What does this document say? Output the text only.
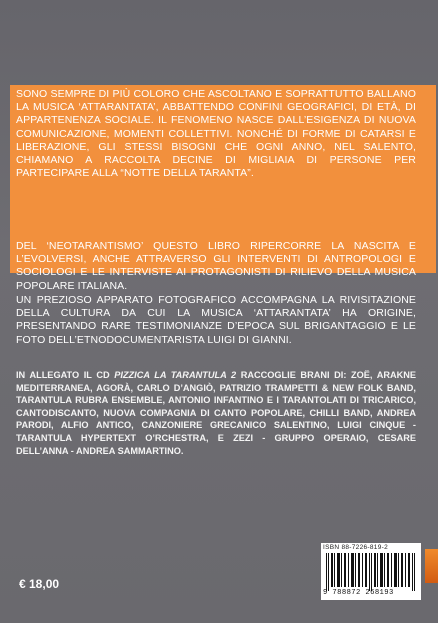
SONO SEMPRE DI PIÙ COLORO CHE ASCOLTANO E SOPRATTUTTO BALLANO LA MUSICA ‘ATTARANTATA’, ABBATTENDO CONFINI GEOGRAFICI, DI ETÀ, DI APPARTENENZA SOCIALE. IL FENOMENO NASCE DALL’ESIGENZA DI NUOVA COMUNICAZIONE, MOMENTI COLLETTIVI. NONCHÉ DI FORME DI CATARSI E LIBERAZIONE, GLI STESSI BISOGNI CHE OGNI ANNO, NEL SALENTO, CHIAMANO A RACCOLTA DECINE DI MIGLIAIA DI PERSONE PER PARTECIPARE ALLA “NOTTE DELLA TARANTA”.

DEL ‘NEOTARANTISMO’ QUESTO LIBRO RIPERCORRE LA NASCITA E L’EVOLVERSI, ANCHE ATTRAVERSO GLI INTERVENTI DI ANTROPOLOGI E SOCIOLOGI E LE INTERVISTE AI PROTAGONISTI DI RILIEVO DELLA MUSICA POPOLARE ITALIANA.

UN PREZIOSO APPARATO FOTOGRAFICO ACCOMPAGNA LA RIVISITAZIONE DELLA CULTURA DA CUI LA MUSICA ‘ATTARANTATA’ HA ORIGINE, PRESENTANDO RARE TESTIMONIANZE D’EPOCA SUL BRIGANTAGGIO E LE FOTO DELL’ETNODOCUMENTARISTA LUIGI DI GIANNI.

IN ALLEGATO IL CD PIZZICA LA TARANTULA 2 RACCOGLIE BRANI DI: ZOË, ARAKNE MEDITERRANEA, AGORÀ, CARLO D’ANGIÒ, PATRIZIO TRAMPETTI & NEW FOLK BAND, TARANTULA RUBRA ENSEMBLE, ANTONIO INFANTINO E I TARANTOLATI DI TRICARICO, CANTODISCANTO, NUOVA COMPAGNIA DI CANTO POPOLARE, CHILLI BAND, ANDREA PARODI, ALFIO ANTICO, CANZONIERE GRECANICO SALENTINO, LUIGI CINQUE - TARANTULA HYPERTEXT O’RCHESTRA, E ZEZI - GRUPPO OPERAIO, CESARE DELL’ANNA - ANDREA SAMMARTINO.

€ 18,00
ISBN 88-7226-819-2
9 788872 268193
